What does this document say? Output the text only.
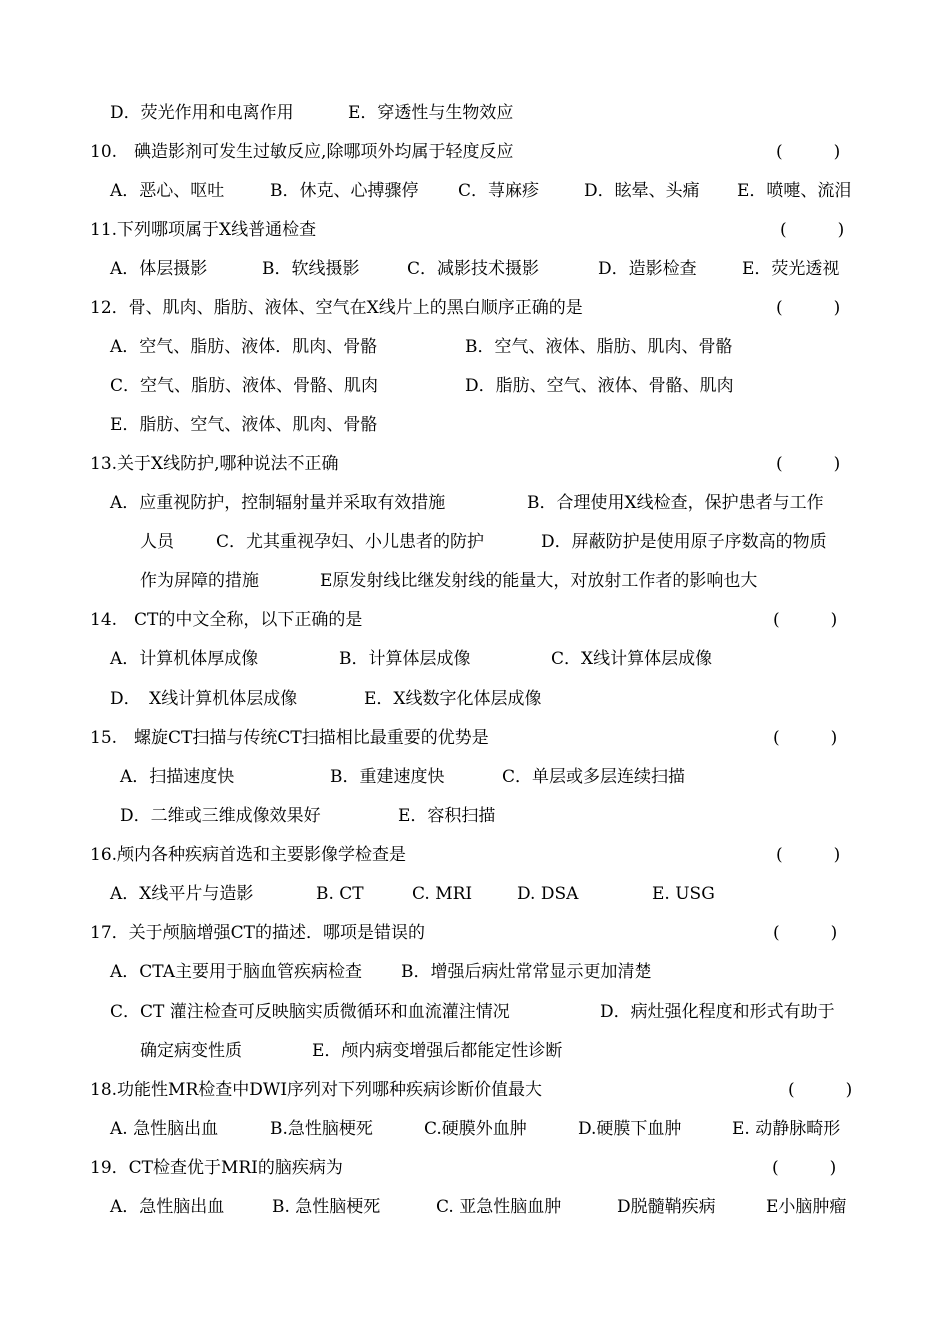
D．荧光作用和电离作用	E．穿透性与生物效应
10.　碘造影剂可发生过敏反应,除哪项外均属于轻度反应	(　　　)
A．恶心、呕吐	B．休克、心搏骤停 C．荨麻疹	D．眩晕、头痛 E．喷嚏、流泪
11.下列哪项属于X线普通检查	(　　　)
A．体层摄影	B．软线摄影	C．减影技术摄影	D．造影检查	E．荧光透视
12．骨、肌肉、脂肪、液体、空气在X线片上的黑白顺序正确的是	(　　　)
A．空气、脂肪、液体．肌肉、骨骼	B．空气、液体、脂肪、肌肉、骨骼
C．空气、脂肪、液体、骨骼、肌肉	D．脂肪、空气、液体、骨骼、肌肉
E．脂肪、空气、液体、肌肉、骨骼
13.关于X线防护,哪种说法不正确	(　　　)
A．应重视防护，控制辐射量并采取有效措施	B．合理使用X线检查，保护患者与工作
人员 C．尤其重视孕妇、小儿患者的防护	D．屏蔽防护是使用原子序数高的物质
作为屏障的措施	E原发射线比继发射线的能量大，对放射工作者的影响也大
14.　CT的中文全称，以下正确的是	(　　　)
A．计算机体厚成像	B．计算体层成像	C．X线计算体层成像
D．　X线计算机体层成像	E．X线数字化体层成像
15.　螺旋CT扫描与传统CT扫描相比最重要的优势是	(　　　)
A．扫描速度快	B．重建速度快	C．单层或多层连续扫描
D．二维或三维成像效果好	E．容积扫描
16.颅内各种疾病首选和主要影像学检查是	(　　　)
A．X线平片与造影	B. CT	C. MRI	D. DSA	E. USG
17．关于颅脑增强CT的描述．哪项是错误的	(　　　)
A．CTA主要用于脑血管疾病检查 B．增强后病灶常常显示更加清楚
C．CT 灌注检查可反映脑实质微循环和血流灌注情况	D．病灶强化程度和形式有助于
确定病变性质	E．颅内病变增强后都能定性诊断
18.功能性MR检查中DWI序列对下列哪种疾病诊断价值最大	(　　　)
A. 急性脑出血	B.急性脑梗死	C.硬膜外血肿	D.硬膜下血肿	E. 动静脉畸形
19．CT检查优于MRI的脑疾病为	(　　　)
A．急性脑出血	B. 急性脑梗死	C. 亚急性脑血肿	D脱髓鞘疾病	E小脑肿瘤
